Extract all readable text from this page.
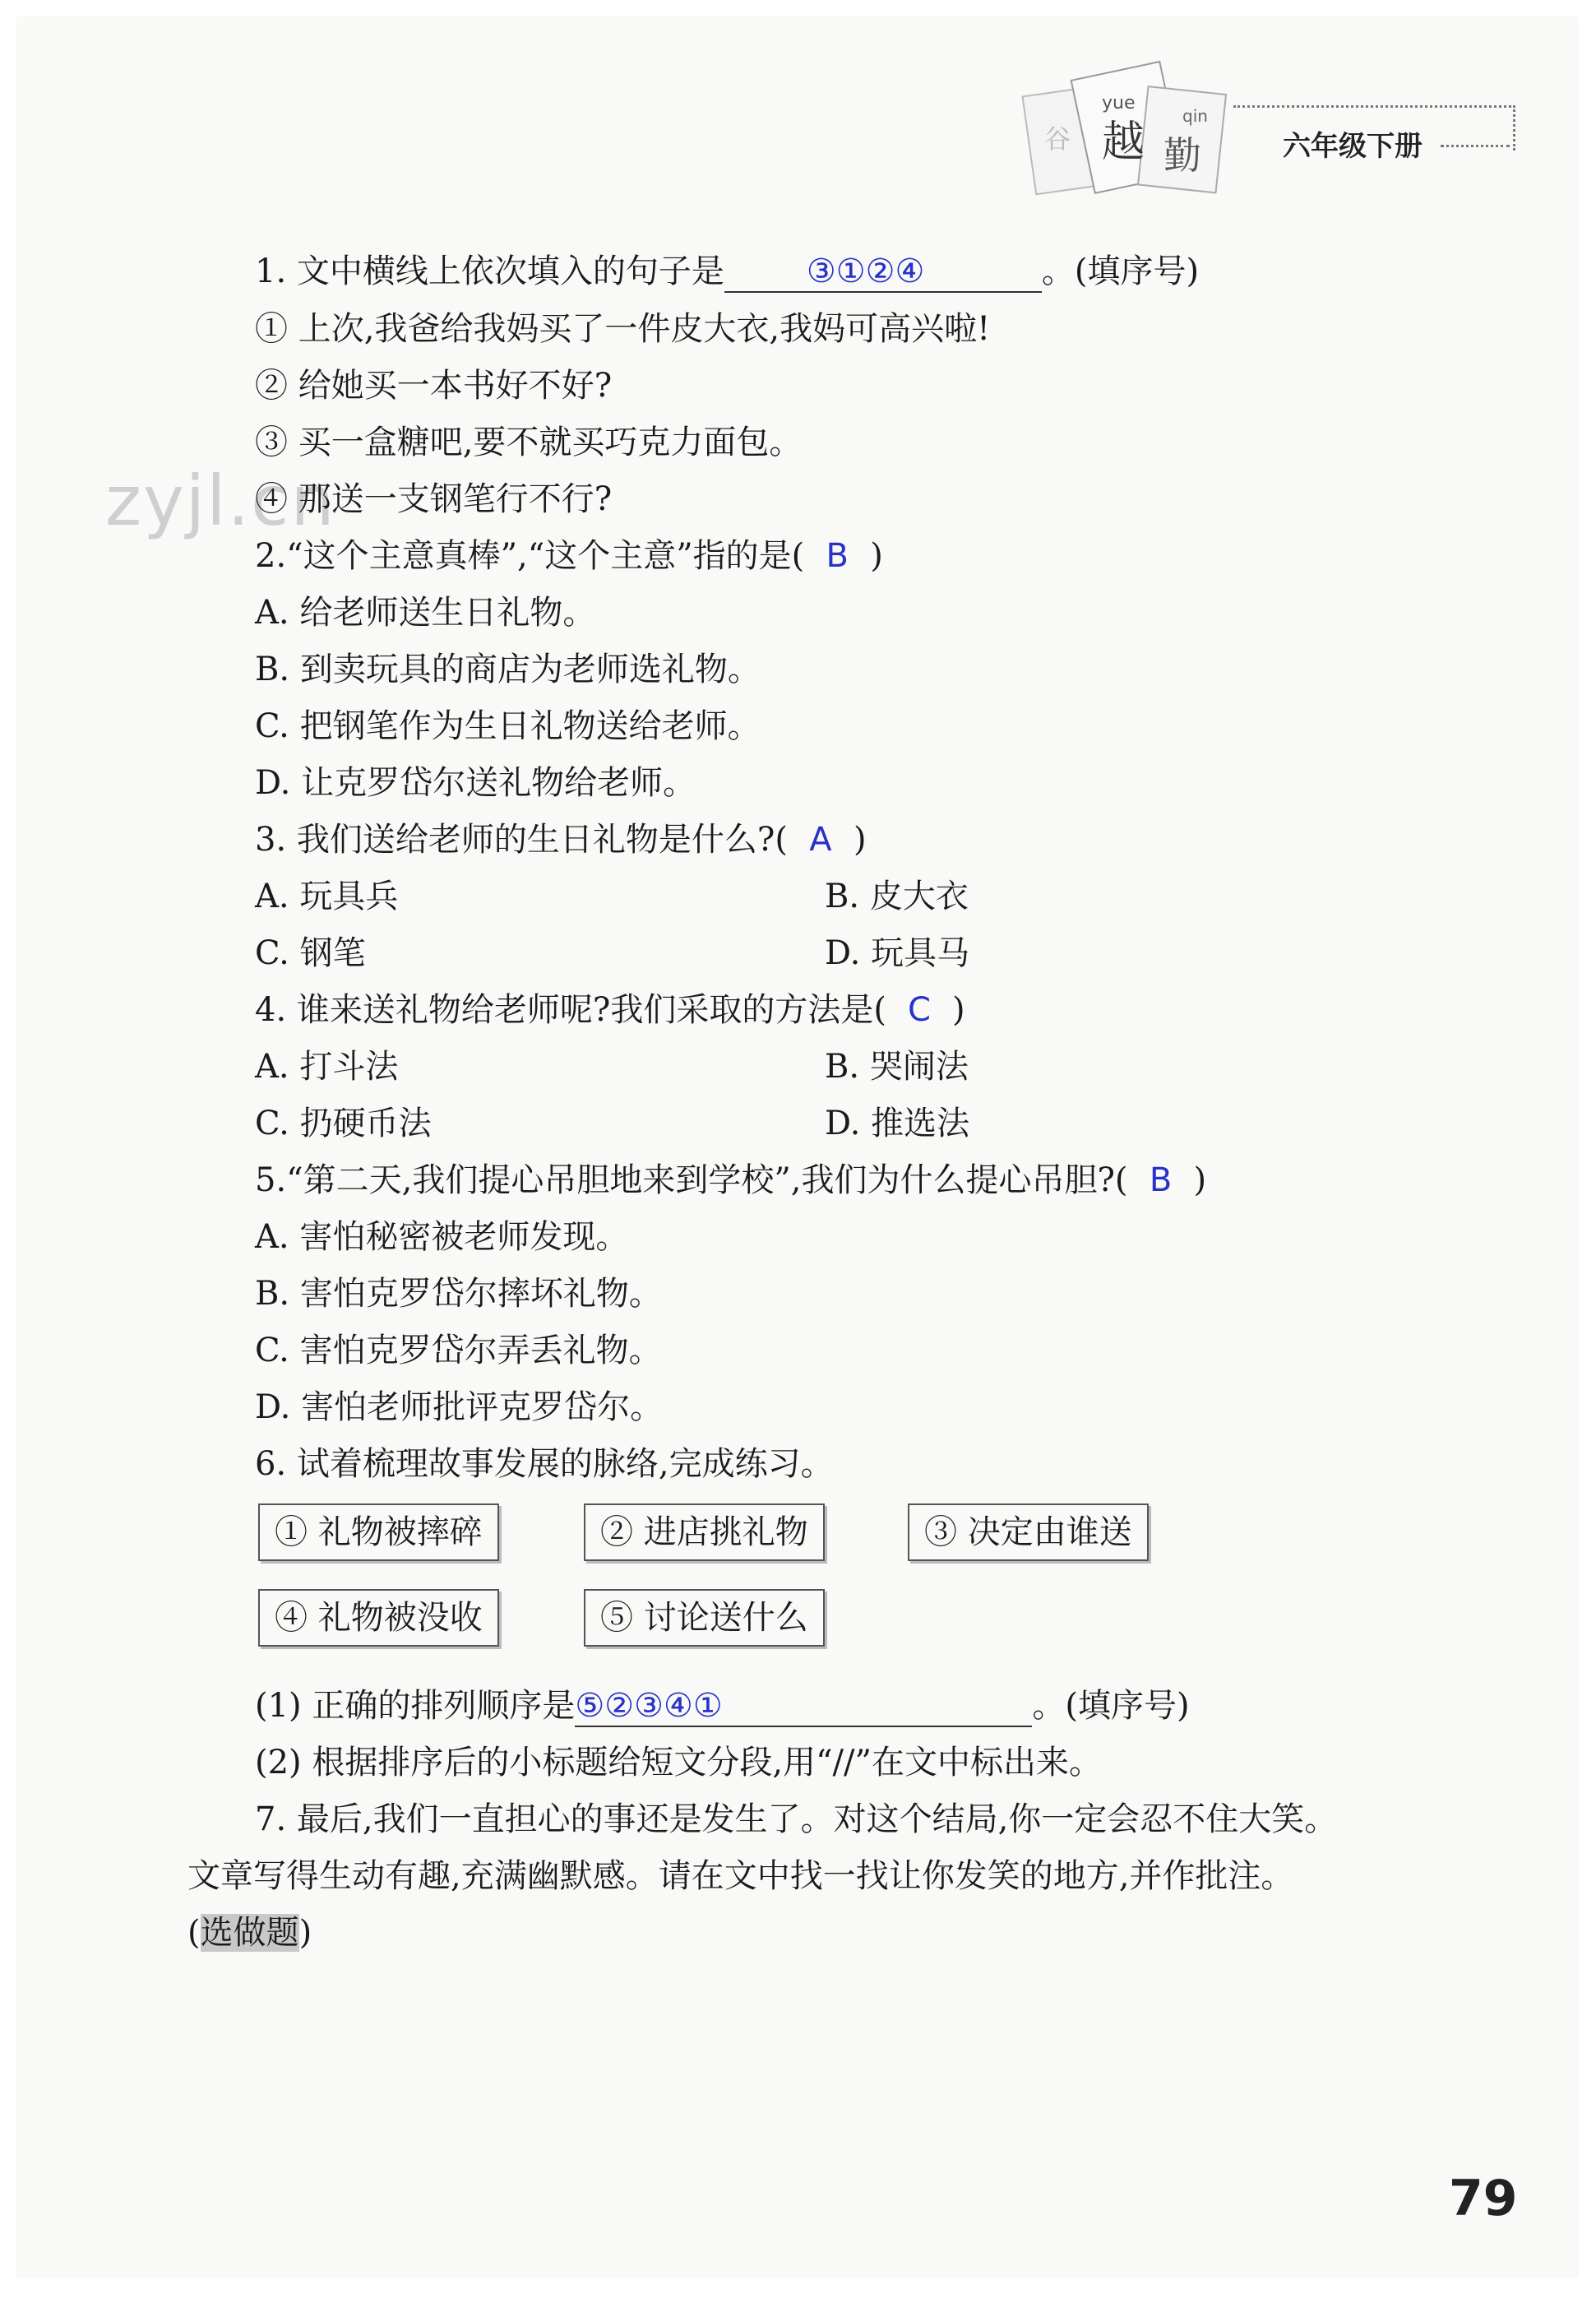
谷
yue
越
qin
勤	六年级下册
zyjl.cn
1. 文中横线上依次填入的句子是	③①②④	。(填序号)
① 上次,我爸给我妈买了一件皮大衣,我妈可高兴啦!
② 给她买一本书好不好?
③ 买一盒糖吧,要不就买巧克力面包。
④ 那送一支钢笔行不行?
2.“这个主意真棒”,“这个主意”指的是( B )
A. 给老师送生日礼物。
B. 到卖玩具的商店为老师选礼物。
C. 把钢笔作为生日礼物送给老师。
D. 让克罗岱尔送礼物给老师。
3. 我们送给老师的生日礼物是什么?( A )
A. 玩具兵	B. 皮大衣
C. 钢笔	D. 玩具马
4. 谁来送礼物给老师呢?我们采取的方法是( C )
A. 打斗法	B. 哭闹法
C. 扔硬币法	D. 推选法
5.“第二天,我们提心吊胆地来到学校”,我们为什么提心吊胆?( B )
A. 害怕秘密被老师发现。
B. 害怕克罗岱尔摔坏礼物。
C. 害怕克罗岱尔弄丢礼物。
D. 害怕老师批评克罗岱尔。
6. 试着梳理故事发展的脉络,完成练习。
① 礼物被摔碎	② 进店挑礼物	③ 决定由谁送
④ 礼物被没收	⑤ 讨论送什么
(1) 正确的排列顺序是 ⑤②③④①	。(填序号)
(2) 根据排序后的小标题给短文分段,用“//”在文中标出来。
7. 最后,我们一直担心的事还是发生了。对这个结局,你一定会忍不住大笑。
文章写得生动有趣,充满幽默感。请在文中找一找让你发笑的地方,并作批注。
(选做题)
79
